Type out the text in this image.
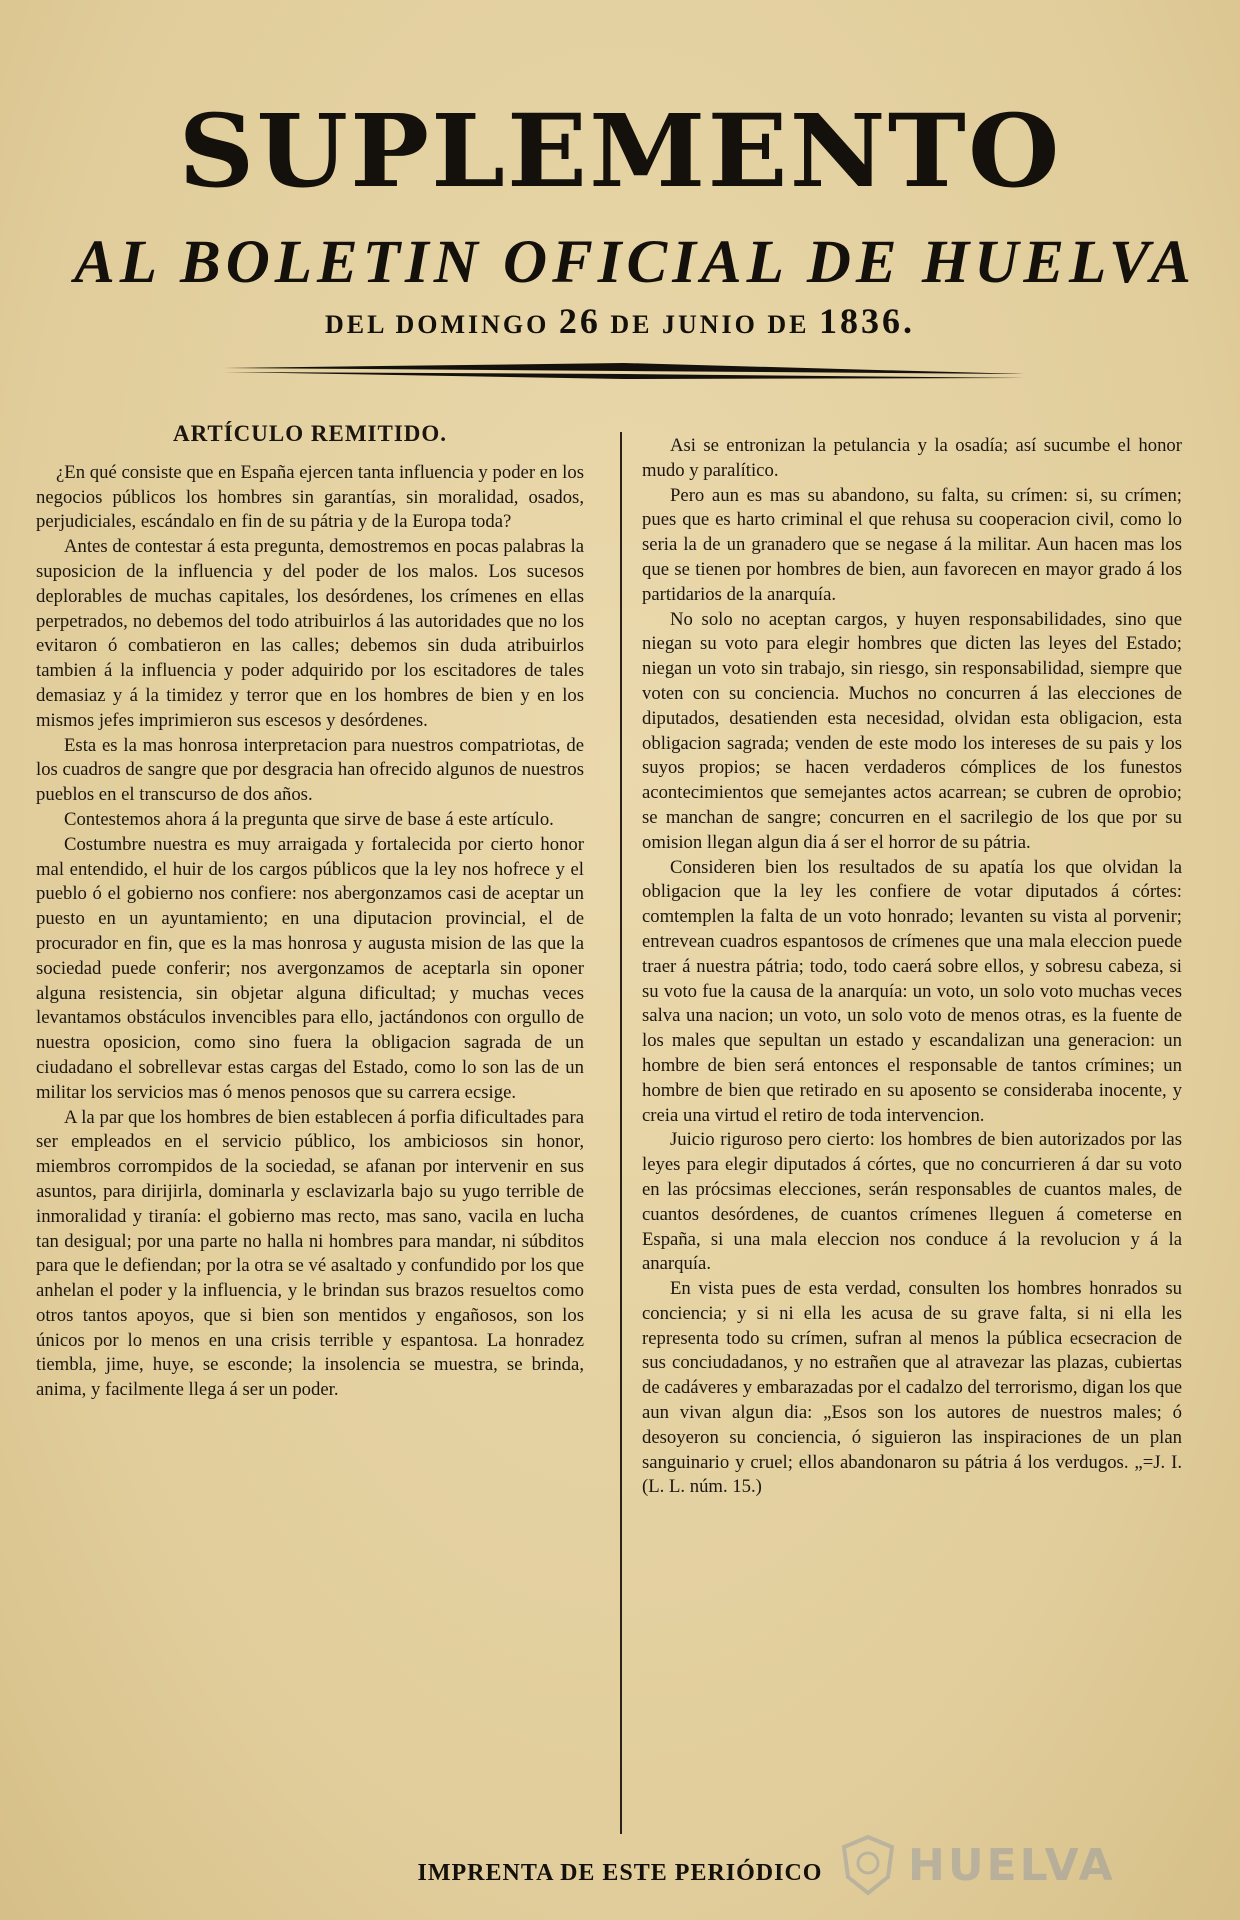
SUPLEMENTO
AL BOLETIN OFICIAL DE HUELVA
DEL DOMINGO 26 DE JUNIO DE 1836.

ARTÍCULO REMITIDO.

¿En qué consiste que en España ejercen tanta influencia y poder en los negocios públicos los hombres sin garantías, sin moralidad, osados, perjudiciales, escándalo en fin de su pátria y de la Europa toda?

Antes de contestar á esta pregunta, demostremos en pocas palabras la suposicion de la influencia y del poder de los malos. Los sucesos deplorables de muchas capitales, los desórdenes, los crímenes en ellas perpetrados, no debemos del todo atribuirlos á las autoridades que no los evitaron ó combatieron en las calles; debemos sin duda atribuirlos tambien á la influencia y poder adquirido por los escitadores de tales demasiaz y á la timidez y terror que en los hombres de bien y en los mismos jefes imprimieron sus escesos y desórdenes.

Esta es la mas honrosa interpretacion para nuestros compatriotas, de los cuadros de sangre que por desgracia han ofrecido algunos de nuestros pueblos en el transcurso de dos años.

Contestemos ahora á la pregunta que sirve de base á este artículo.

Costumbre nuestra es muy arraigada y fortalecida por cierto honor mal entendido, el huir de los cargos públicos que la ley nos hofrece y el pueblo ó el gobierno nos confiere: nos abergonzamos casi de aceptar un puesto en un ayuntamiento; en una diputacion provincial, el de procurador en fin, que es la mas honrosa y augusta mision de las que la sociedad puede conferir; nos avergonzamos de aceptarla sin oponer alguna resistencia, sin objetar alguna dificultad; y muchas veces levantamos obstáculos invencibles para ello, jactándonos con orgullo de nuestra oposicion, como sino fuera la obligacion sagrada de un ciudadano el sobrellevar estas cargas del Estado, como lo son las de un militar los servicios mas ó menos penosos que su carrera ecsige.

A la par que los hombres de bien establecen á porfia dificultades para ser empleados en el servicio público, los ambiciosos sin honor, miembros corrompidos de la sociedad, se afanan por intervenir en sus asuntos, para dirijirla, dominarla y esclavizarla bajo su yugo terrible de inmoralidad y tiranía: el gobierno mas recto, mas sano, vacila en lucha tan desigual; por una parte no halla ni hombres para mandar, ni súbditos para que le defiendan; por la otra se vé asaltado y confundido por los que anhelan el poder y la influencia, y le brindan sus brazos resueltos como otros tantos apoyos, que si bien son mentidos y engañosos, son los únicos por lo menos en una crisis terrible y espantosa. La honradez tiembla, jime, huye, se esconde; la insolencia se muestra, se brinda, anima, y facilmente llega á ser un poder.

Asi se entronizan la petulancia y la osadía; así sucumbe el honor mudo y paralítico.

Pero aun es mas su abandono, su falta, su crímen: si, su crímen; pues que es harto criminal el que rehusa su cooperacion civil, como lo seria la de un granadero que se negase á la militar. Aun hacen mas los que se tienen por hombres de bien, aun favorecen en mayor grado á los partidarios de la anarquía.

No solo no aceptan cargos, y huyen responsabilidades, sino que niegan su voto para elegir hombres que dicten las leyes del Estado; niegan un voto sin trabajo, sin riesgo, sin responsabilidad, siempre que voten con su conciencia. Muchos no concurren á las elecciones de diputados, desatienden esta necesidad, olvidan esta obligacion, esta obligacion sagrada; venden de este modo los intereses de su pais y los suyos propios; se hacen verdaderos cómplices de los funestos acontecimientos que semejantes actos acarrean; se cubren de oprobio; se manchan de sangre; concurren en el sacrilegio de los que por su omision llegan algun dia á ser el horror de su pátria.

Consideren bien los resultados de su apatía los que olvidan la obligacion que la ley les confiere de votar diputados á córtes: comtemplen la falta de un voto honrado; levanten su vista al porvenir; entrevean cuadros espantosos de crímenes que una mala eleccion puede traer á nuestra pátria; todo, todo caerá sobre ellos, y sobresu cabeza, si su voto fue la causa de la anarquía: un voto, un solo voto muchas veces salva una nacion; un voto, un solo voto de menos otras, es la fuente de los males que sepultan un estado y escandalizan una generacion: un hombre de bien será entonces el responsable de tantos crímines; un hombre de bien que retirado en su aposento se consideraba inocente, y creia una virtud el retiro de toda intervencion.

Juicio riguroso pero cierto: los hombres de bien autorizados por las leyes para elegir diputados á córtes, que no concurrieren á dar su voto en las prócsimas elecciones, serán responsables de cuantos males, de cuantos desórdenes, de cuantos crímenes lleguen á cometerse en España, si una mala eleccion nos conduce á la revolucion y á la anarquía.

En vista pues de esta verdad, consulten los hombres honrados su conciencia; y si ni ella les acusa de su grave falta, si ni ella les representa todo su crímen, sufran al menos la pública ecsecracion de sus conciudadanos, y no estrañen que al atravezar las plazas, cubiertas de cadáveres y embarazadas por el cadalzo del terrorismo, digan los que aun vivan algun dia: „Esos son los autores de nuestros males; ó desoyeron su conciencia, ó siguieron las inspiraciones de un plan sanguinario y cruel; ellos abandonaron su pátria á los verdugos. „=J. I. (L. L. núm. 15.)

HUELVA
IMPRENTA DE ESTE PERIÓDICO
